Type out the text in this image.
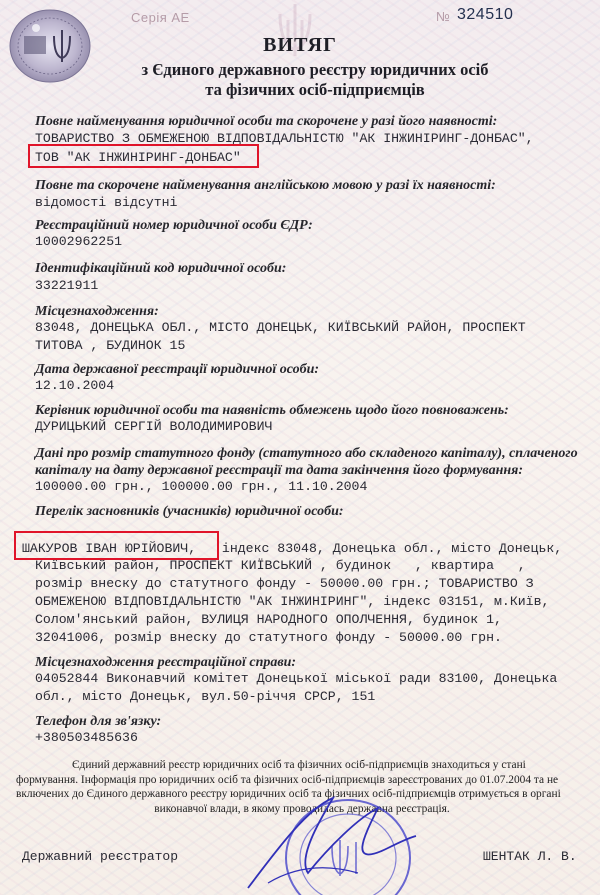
Серія АЕ	№ 324510
ВИТЯГ
з Єдиного державного реєстру юридичних осіб
та фізичних осіб-підприємців
Повне найменування юридичної особи та скорочене у разі його наявності:
ТОВАРИСТВО З ОБМЕЖЕНОЮ ВІДПОВІДАЛЬНІСТЮ "АК ІНЖИНІРИНГ-ДОНБАС",
ТОВ "АК ІНЖИНІРИНГ-ДОНБАС"
Повне та скорочене найменування англійською мовою у разі їх наявності:
відомості відсутні
Реєстраційний номер юридичної особи ЄДР:
10002962251
Ідентифікаційний код юридичної особи:
33221911
Місцезнаходження:
83048, ДОНЕЦЬКА ОБЛ., МІСТО ДОНЕЦЬК, КИЇВСЬКИЙ РАЙОН, ПРОСПЕКТ
ТИТОВА , БУДИНОК 15
Дата державної реєстрації юридичної особи:
12.10.2004
Керівник юридичної особи та наявність обмежень щодо його повноважень:
ДУРИЦЬКИЙ СЕРГІЙ ВОЛОДИМИРОВИЧ
Дані про розмір статутного фонду (статутного або складеного капіталу), сплаченого
капіталу на дату державної реєстрації та дата закінчення його формування:
100000.00 грн., 100000.00 грн., 11.10.2004
Перелік засновників (учасників) юридичної особи:
ШАКУРОВ ІВАН ЮРІЙОВИЧ, індекс 83048, Донецька обл., місто Донецьк,
Київський район, ПРОСПЕКТ КИЇВСЬКИЙ , будинок   , квартира   ,
розмір внеску до статутного фонду - 50000.00 грн.; ТОВАРИСТВО З
ОБМЕЖЕНОЮ ВІДПОВІДАЛЬНІСТЮ "АК ІНЖИНІРИНГ", індекс 03151, м.Київ,
Солом'янський район, ВУЛИЦЯ НАРОДНОГО ОПОЛЧЕННЯ, будинок 1,
32041006, розмір внеску до статутного фонду - 50000.00 грн.
Місцезнаходження реєстраційної справи:
04052844 Виконавчий комітет Донецької міської ради 83100, Донецька
обл., місто Донецьк, вул.50-річчя СРСР, 151
Телефон для зв'язку:
+380503485636
Єдиний державний реєстр юридичних осіб та фізичних осіб-підприємців знаходиться у стані
формування. Інформація про юридичних осіб та фізичних осіб-підприємців зареєстрованих до 01.07.2004 та не
включених до Єдиного державного реєстру юридичних осіб та фізичних осіб-підприємців отримується в органі
виконавчої влади, в якому проводилась державна реєстрація.
Державний реєстратор	ШЕНТАК Л. В.
